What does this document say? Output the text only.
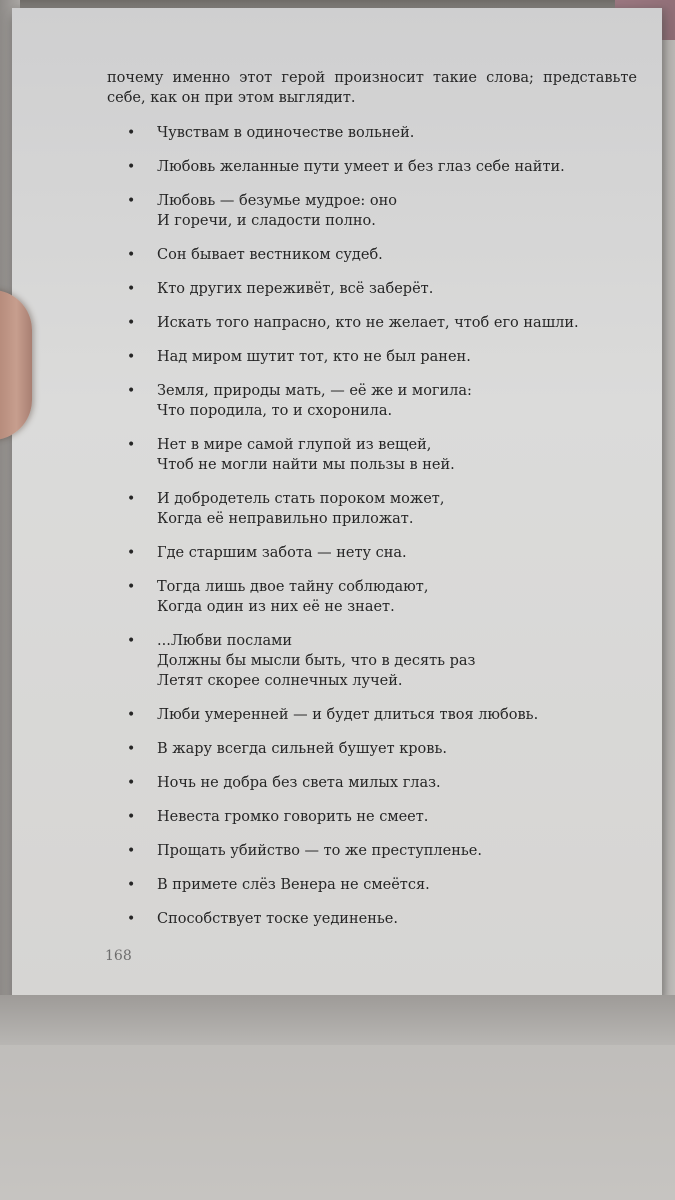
почему именно этот герой произносит такие слова; представьте себе, как он при этом выглядит.

• Чувствам в одиночестве вольней.
• Любовь желанные пути умеет и без глаз себе найти.
• Любовь — безумье мудрое: оно
И горечи, и сладости полно.
• Сон бывает вестником судеб.
• Кто других переживёт, всё заберёт.
• Искать того напрасно, кто не желает, чтоб его нашли.
• Над миром шутит тот, кто не был ранен.
• Земля, природы мать, — её же и могила:
Что породила, то и схоронила.
• Нет в мире самой глупой из вещей,
Чтоб не могли найти мы пользы в ней.
• И добродетель стать пороком может,
Когда её неправильно приложат.
• Где старшим забота — нету сна.
• Тогда лишь двое тайну соблюдают,
Когда один из них её не знает.
• ...Любви послами
Должны бы мысли быть, что в десять раз
Летят скорее солнечных лучей.
• Люби умеренней — и будет длиться твоя любовь.
• В жару всегда сильней бушует кровь.
• Ночь не добра без света милых глаз.
• Невеста громко говорить не смеет.
• Прощать убийство — то же преступленье.
• В примете слёз Венера не смеётся.
• Способствует тоске уединенье.
168
